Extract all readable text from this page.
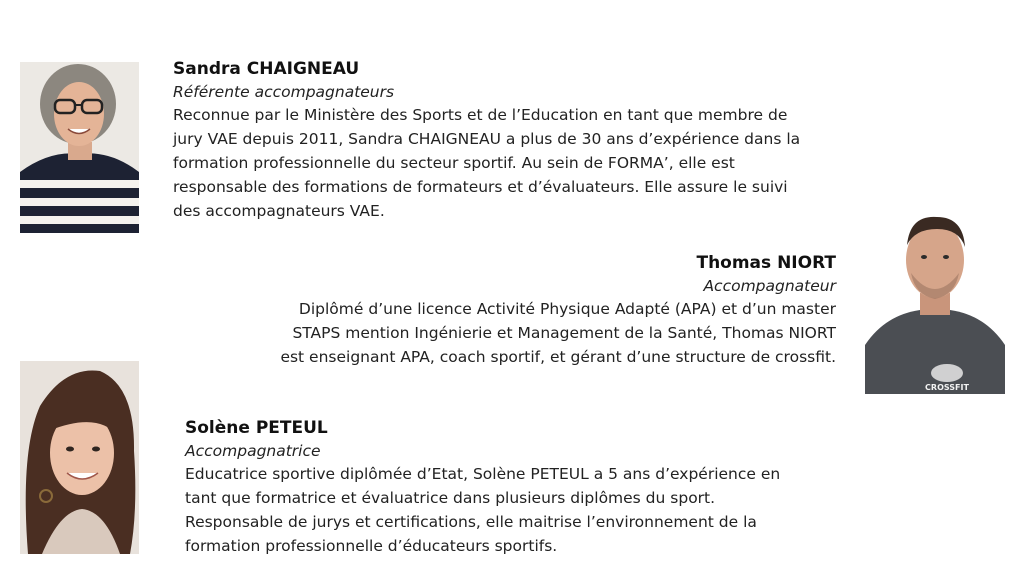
Sandra CHAIGNEAU
Référente accompagnateurs
Reconnue par le Ministère des Sports et de l’Education en tant que membre de
jury VAE depuis 2011, Sandra CHAIGNEAU a plus de 30 ans d’expérience dans la
formation professionnelle du secteur sportif. Au sein de FORMA’, elle est
responsable des formations de formateurs et d’évaluateurs. Elle assure le suivi
des accompagnateurs VAE.
Thomas NIORT
Accompagnateur
Diplômé d’une licence Activité Physique Adapté (APA) et d’un master
STAPS mention Ingénierie et Management de la Santé, Thomas NIORT
est enseignant APA, coach sportif, et gérant d’une structure de crossfit.
CROSSFIT
Solène PETEUL
Accompagnatrice
Educatrice sportive diplômée d’Etat, Solène PETEUL a 5 ans d’expérience en
tant que formatrice et évaluatrice dans plusieurs diplômes du sport.
Responsable de jurys et certifications, elle maitrise l’environnement de la
formation professionnelle d’éducateurs sportifs.
